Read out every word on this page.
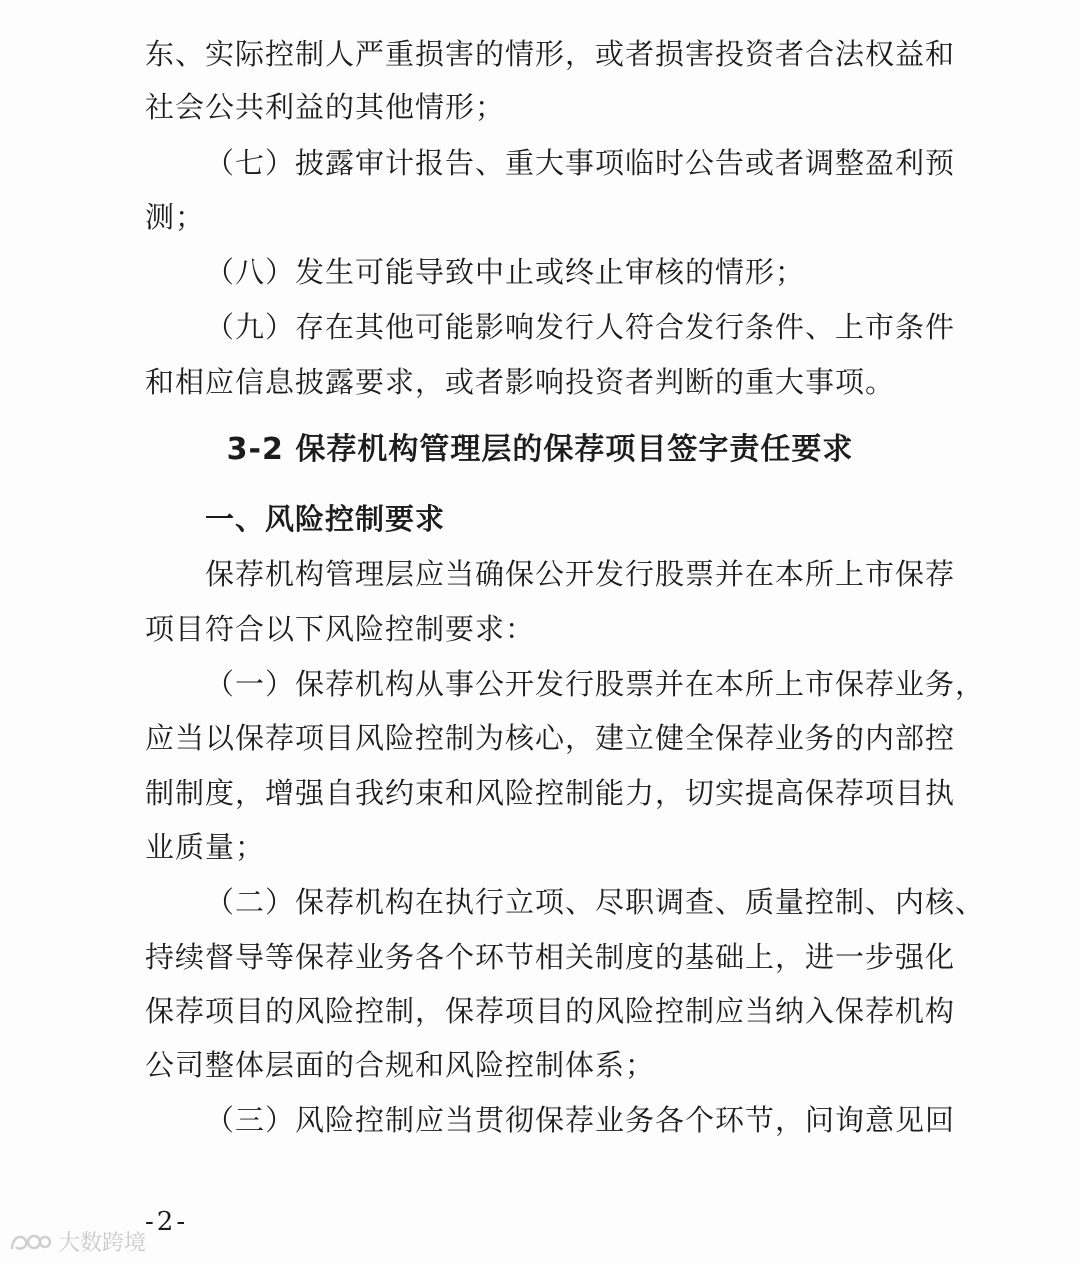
东、实际控制人严重损害的情形，或者损害投资者合法权益和
社会公共利益的其他情形；
（七）披露审计报告、重大事项临时公告或者调整盈利预
测；
（八）发生可能导致中止或终止审核的情形；
（九）存在其他可能影响发行人符合发行条件、上市条件
和相应信息披露要求，或者影响投资者判断的重大事项。
3-2 保荐机构管理层的保荐项目签字责任要求
一、风险控制要求
保荐机构管理层应当确保公开发行股票并在本所上市保荐
项目符合以下风险控制要求：
（一）保荐机构从事公开发行股票并在本所上市保荐业务，
应当以保荐项目风险控制为核心，建立健全保荐业务的内部控
制制度，增强自我约束和风险控制能力，切实提高保荐项目执
业质量；
（二）保荐机构在执行立项、尽职调查、质量控制、内核、
持续督导等保荐业务各个环节相关制度的基础上，进一步强化
保荐项目的风险控制，保荐项目的风险控制应当纳入保荐机构
公司整体层面的合规和风险控制体系；
（三）风险控制应当贯彻保荐业务各个环节，问询意见回
-2-
大数跨境
